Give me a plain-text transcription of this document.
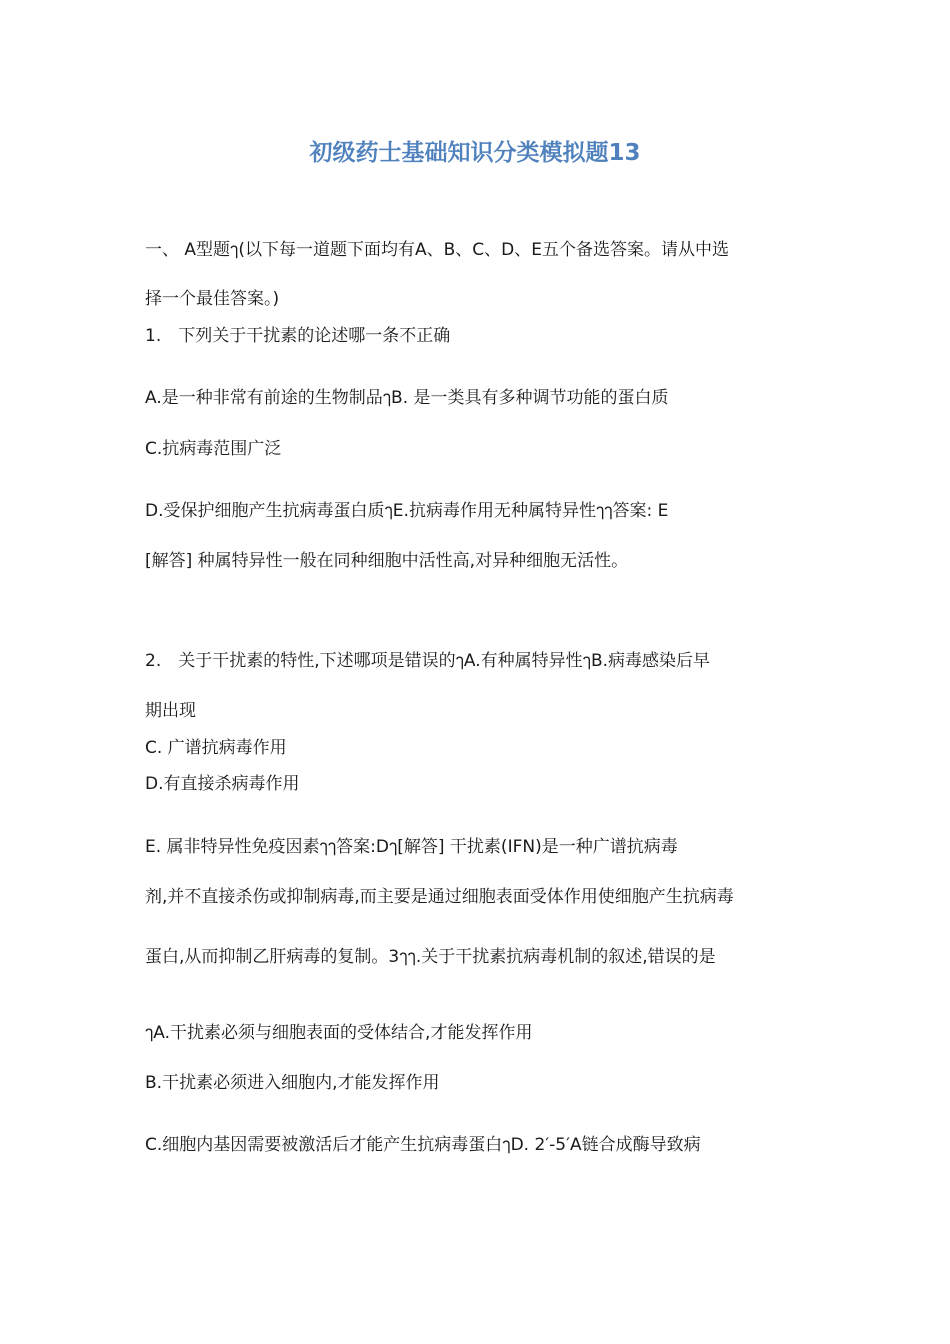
初级药士基础知识分类模拟题13
一、 A型题ๅ(以下每一道题下面均有A、B、C、D、E五个备选答案。请从中选
择一个最佳答案。)
1.　下列关于干扰素的论述哪一条不正确
A.是一种非常有前途的生物制品ๅB. 是一类具有多种调节功能的蛋白质
C.抗病毒范围广泛
D.受保护细胞产生抗病毒蛋白质ๅE.抗病毒作用无种属特异性ๅๅ答案: E
[解答] 种属特异性一般在同种细胞中活性高,对异种细胞无活性。
2.　关于干扰素的特性,下述哪项是错误的ๅA.有种属特异性ๅB.病毒感染后早
期出现
C. 广谱抗病毒作用
D.有直接杀病毒作用
E. 属非特异性免疫因素ๅๅ答案:Dๅ[解答] 干扰素(IFN)是一种广谱抗病毒
剂,并不直接杀伤或抑制病毒,而主要是通过细胞表面受体作用使细胞产生抗病毒
蛋白,从而抑制乙肝病毒的复制。3ๅๅ.关于干扰素抗病毒机制的叙述,错误的是
ๅA.干扰素必须与细胞表面的受体结合,才能发挥作用
B.干扰素必须进入细胞内,才能发挥作用
C.细胞内基因需要被激活后才能产生抗病毒蛋白ๅD. 2′-5′A链合成酶导致病
